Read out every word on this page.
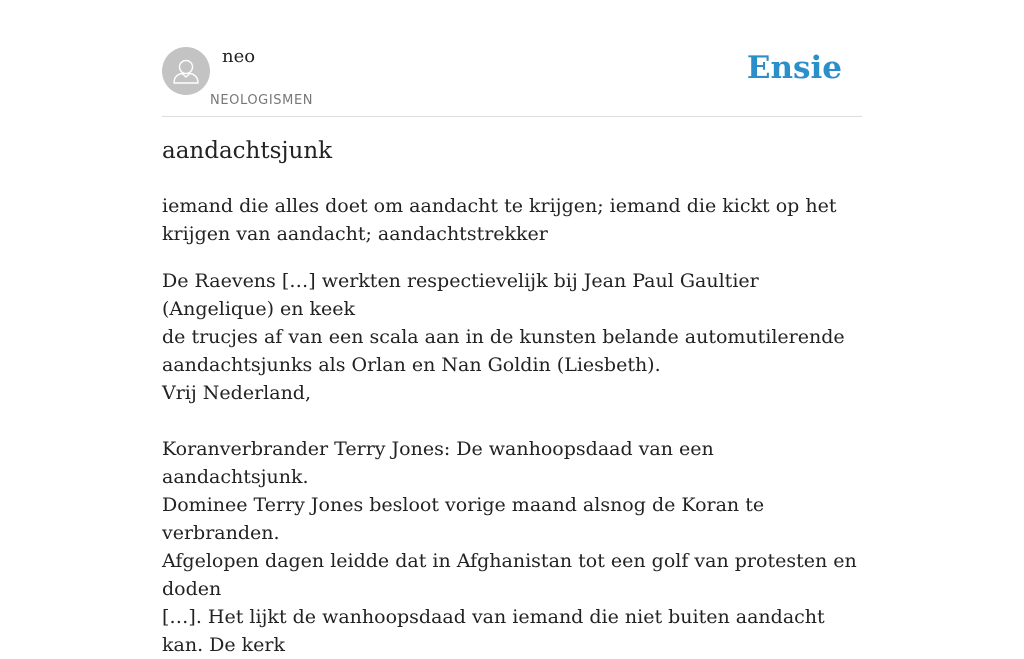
neo
NEOLOGISMEN
Ensie
aandachtsjunk

iemand die alles doet om aandacht te krijgen; iemand die kickt op het krijgen van aandacht; aandachtstrekker

De Raevens […] werkten respectievelijk bij Jean Paul Gaultier (Angelique) en keek
de trucjes af van een scala aan in de kunsten belande automutilerende
aandachtsjunks als Orlan en Nan Goldin (Liesbeth).
Vrij Nederland,
Koranverbrander Terry Jones: De wanhoopsdaad van een aandachtsjunk.
Dominee Terry Jones besloot vorige maand alsnog de Koran te verbranden.
Afgelopen dagen leidde dat in Afghanistan tot een golf van protesten en doden
[…]. Het lijkt de wanhoopsdaad van iemand die niet buiten aandacht kan. De kerk
